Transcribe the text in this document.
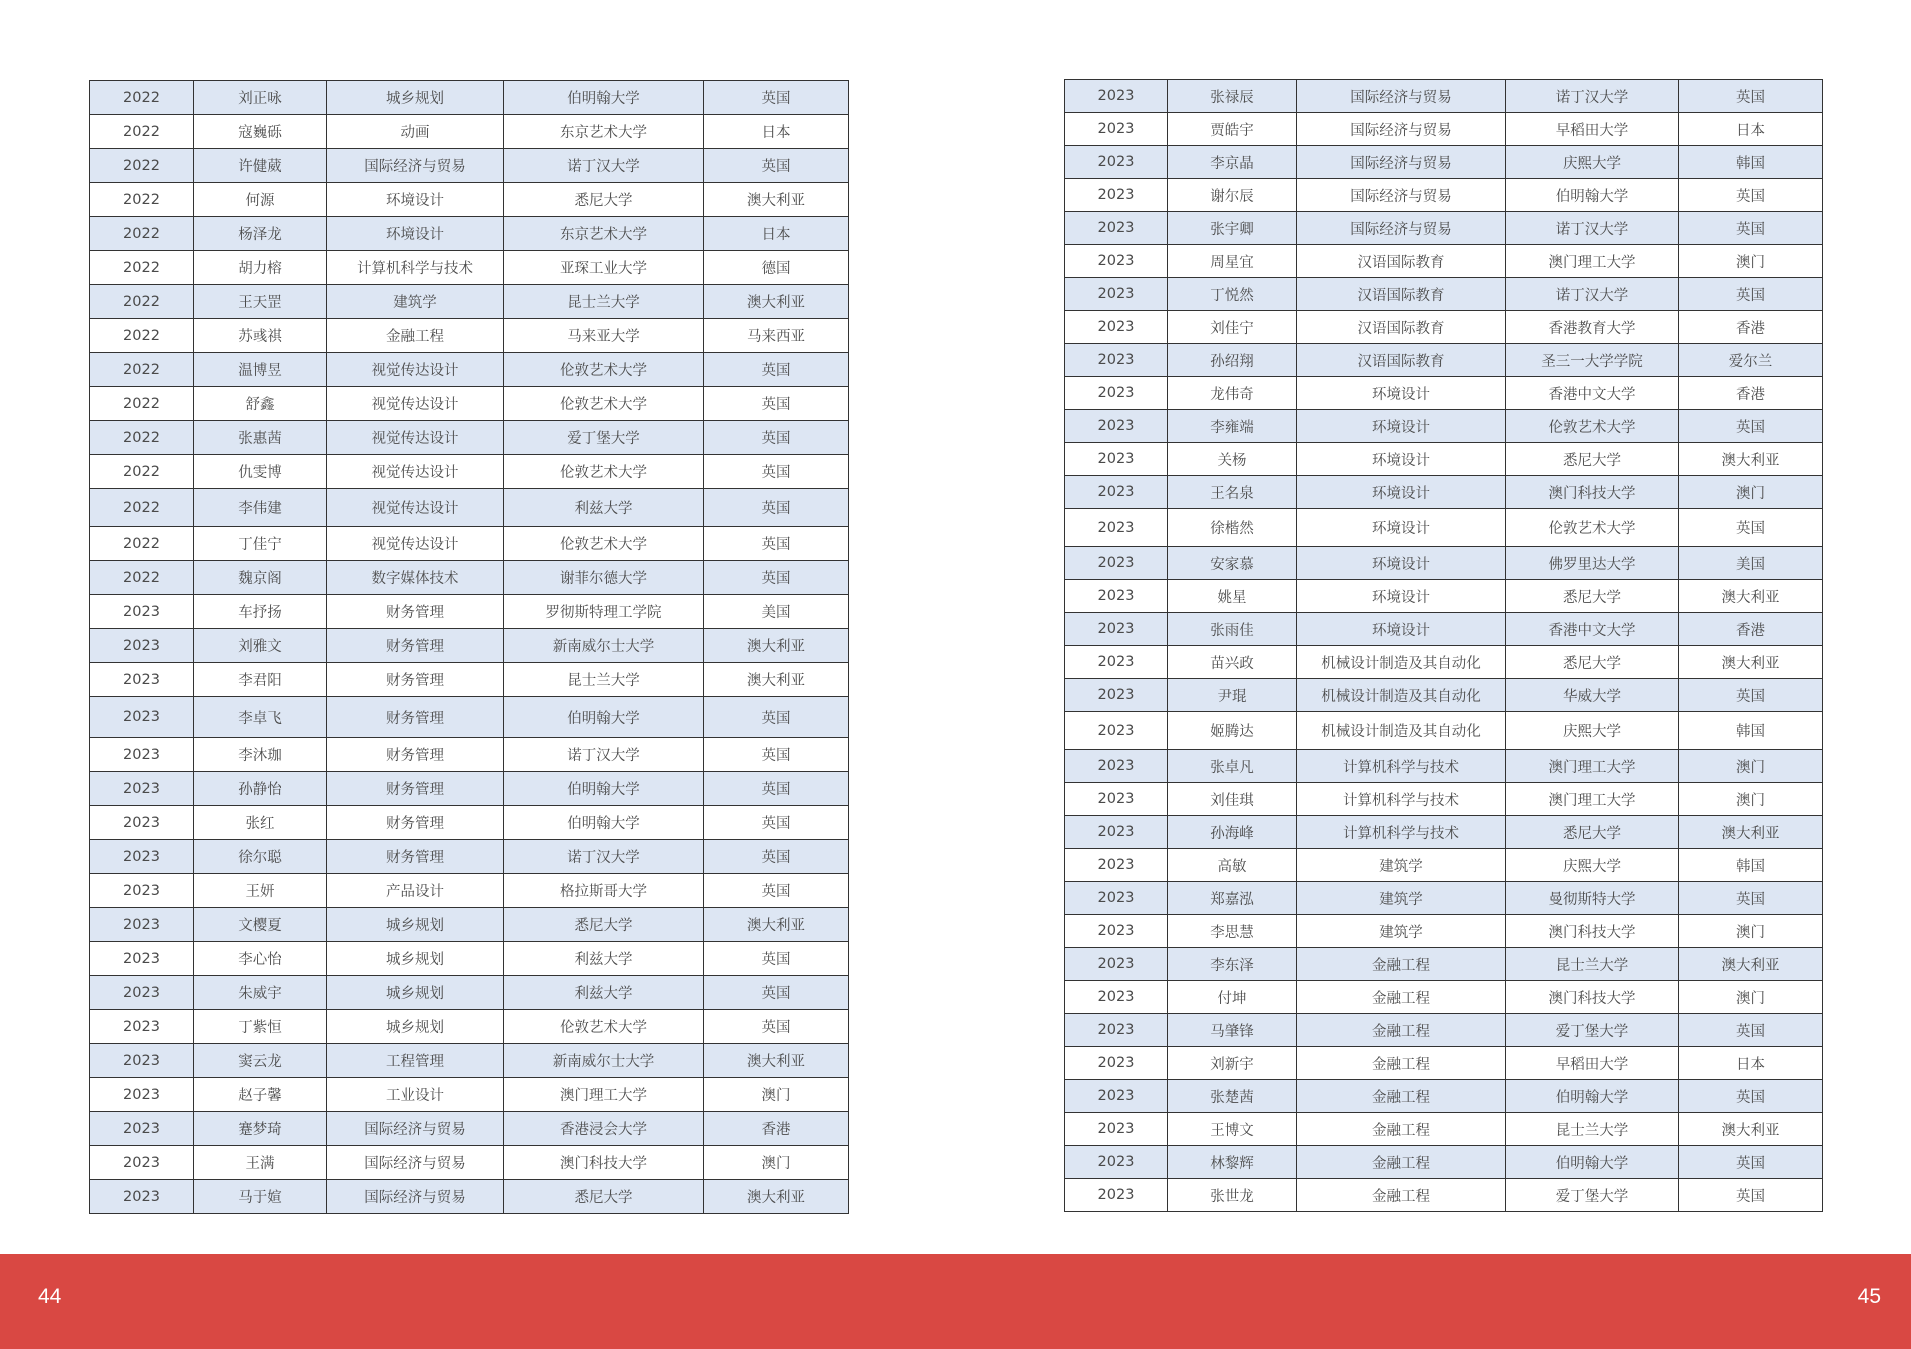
2022	刘正咏	城乡规划	伯明翰大学	英国
2022	寇巍砾	动画	东京艺术大学	日本
2022	许健葳	国际经济与贸易	诺丁汉大学	英国
2022	何源	环境设计	悉尼大学	澳大利亚
2022	杨泽龙	环境设计	东京艺术大学	日本
2022	胡力榕	计算机科学与技术	亚琛工业大学	德国
2022	王天罡	建筑学	昆士兰大学	澳大利亚
2022	苏彧祺	金融工程	马来亚大学	马来西亚
2022	温博昱	视觉传达设计	伦敦艺术大学	英国
2022	舒鑫	视觉传达设计	伦敦艺术大学	英国
2022	张惠茜	视觉传达设计	爱丁堡大学	英国
2022	仇雯博	视觉传达设计	伦敦艺术大学	英国
2022	李伟建	视觉传达设计	利兹大学	英国
2022	丁佳宁	视觉传达设计	伦敦艺术大学	英国
2022	魏京阁	数字媒体技术	谢菲尔德大学	英国
2023	车抒扬	财务管理	罗彻斯特理工学院	美国
2023	刘雅文	财务管理	新南威尔士大学	澳大利亚
2023	李君阳	财务管理	昆士兰大学	澳大利亚
2023	李卓飞	财务管理	伯明翰大学	英国
2023	李沐珈	财务管理	诺丁汉大学	英国
2023	孙静怡	财务管理	伯明翰大学	英国
2023	张红	财务管理	伯明翰大学	英国
2023	徐尔聪	财务管理	诺丁汉大学	英国
2023	王妍	产品设计	格拉斯哥大学	英国
2023	文樱夏	城乡规划	悉尼大学	澳大利亚
2023	李心怡	城乡规划	利兹大学	英国
2023	朱威宇	城乡规划	利兹大学	英国
2023	丁紫恒	城乡规划	伦敦艺术大学	英国
2023	窦云龙	工程管理	新南威尔士大学	澳大利亚
2023	赵子馨	工业设计	澳门理工大学	澳门
2023	蹇梦琦	国际经济与贸易	香港浸会大学	香港
2023	王满	国际经济与贸易	澳门科技大学	澳门
2023	马于媗	国际经济与贸易	悉尼大学	澳大利亚
2023	张禄辰	国际经济与贸易	诺丁汉大学	英国
2023	贾皓宇	国际经济与贸易	早稻田大学	日本
2023	李京晶	国际经济与贸易	庆熙大学	韩国
2023	谢尔辰	国际经济与贸易	伯明翰大学	英国
2023	张宇卿	国际经济与贸易	诺丁汉大学	英国
2023	周星宜	汉语国际教育	澳门理工大学	澳门
2023	丁悦然	汉语国际教育	诺丁汉大学	英国
2023	刘佳宁	汉语国际教育	香港教育大学	香港
2023	孙绍翔	汉语国际教育	圣三一大学学院	爱尔兰
2023	龙伟奇	环境设计	香港中文大学	香港
2023	李雍端	环境设计	伦敦艺术大学	英国
2023	关杨	环境设计	悉尼大学	澳大利亚
2023	王名泉	环境设计	澳门科技大学	澳门
2023	徐楷然	环境设计	伦敦艺术大学	英国
2023	安家慕	环境设计	佛罗里达大学	美国
2023	姚星	环境设计	悉尼大学	澳大利亚
2023	张雨佳	环境设计	香港中文大学	香港
2023	苗兴政	机械设计制造及其自动化	悉尼大学	澳大利亚
2023	尹琨	机械设计制造及其自动化	华威大学	英国
2023	姬腾达	机械设计制造及其自动化	庆熙大学	韩国
2023	张卓凡	计算机科学与技术	澳门理工大学	澳门
2023	刘佳琪	计算机科学与技术	澳门理工大学	澳门
2023	孙海峰	计算机科学与技术	悉尼大学	澳大利亚
2023	高敏	建筑学	庆熙大学	韩国
2023	郑嘉泓	建筑学	曼彻斯特大学	英国
2023	李思慧	建筑学	澳门科技大学	澳门
2023	李东泽	金融工程	昆士兰大学	澳大利亚
2023	付坤	金融工程	澳门科技大学	澳门
2023	马肇锋	金融工程	爱丁堡大学	英国
2023	刘新宇	金融工程	早稻田大学	日本
2023	张楚茜	金融工程	伯明翰大学	英国
2023	王博文	金融工程	昆士兰大学	澳大利亚
2023	林黎辉	金融工程	伯明翰大学	英国
2023	张世龙	金融工程	爱丁堡大学	英国
44	45
